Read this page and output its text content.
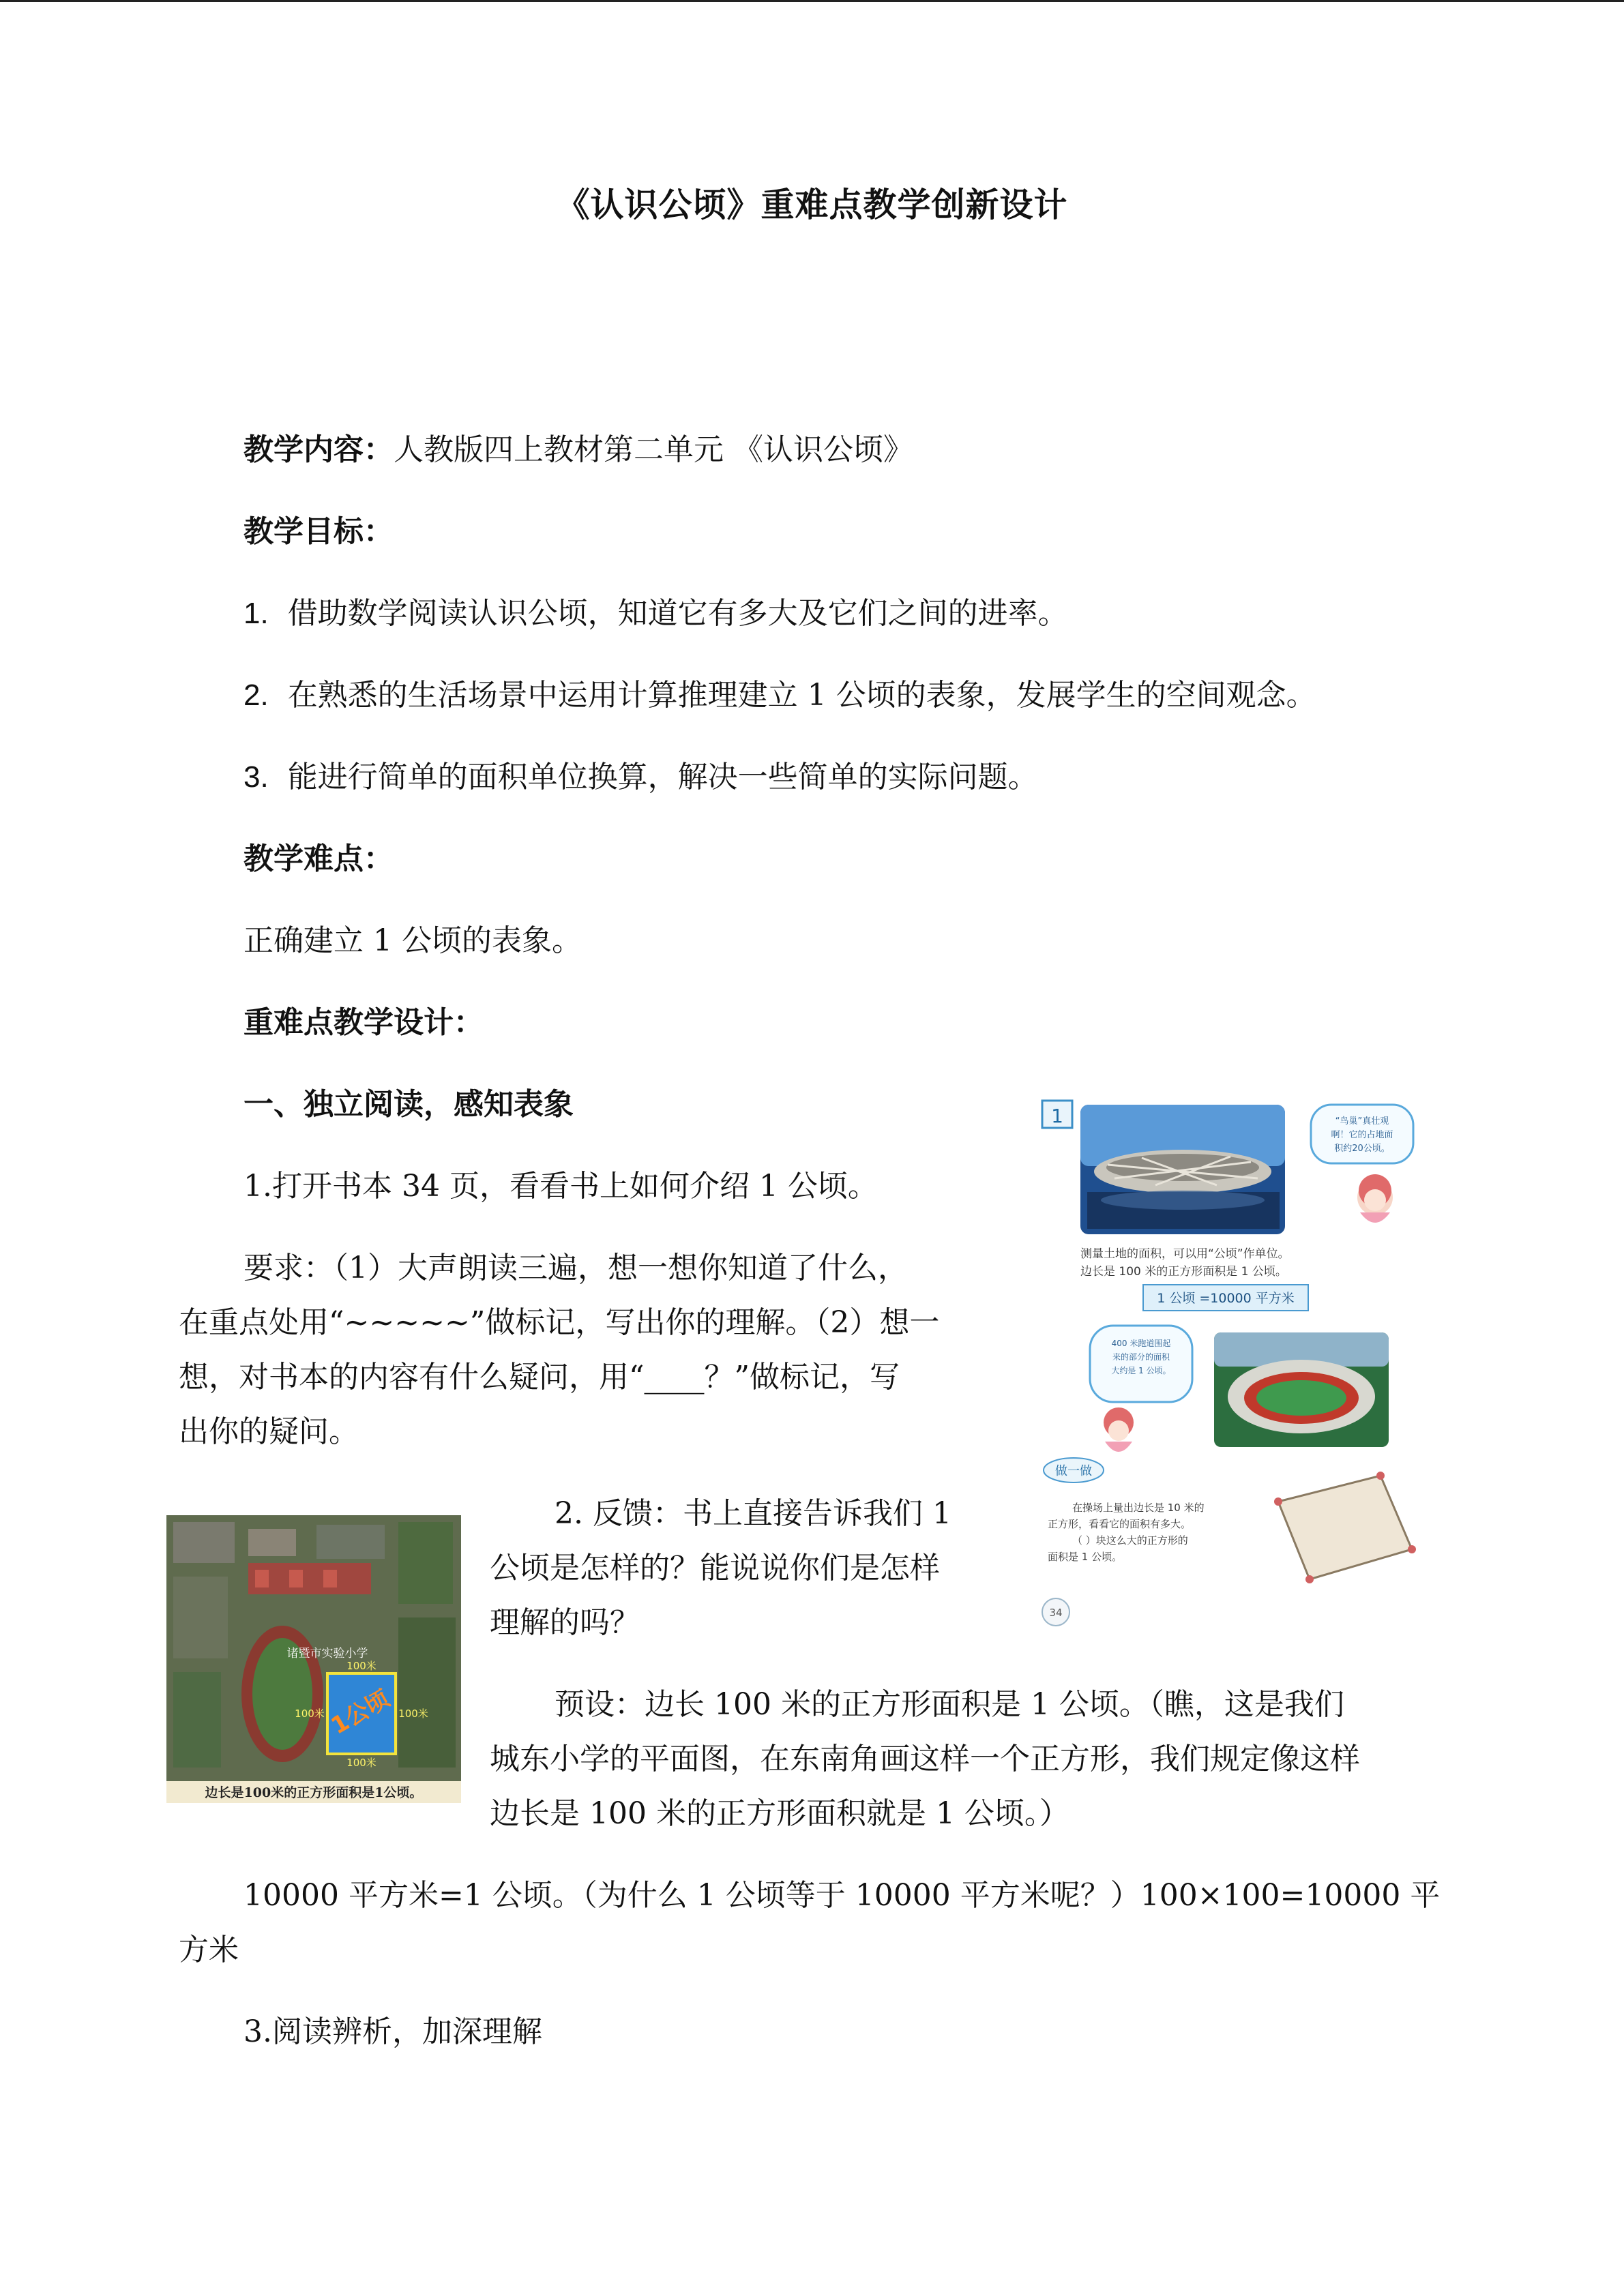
《认识公顷》重难点教学创新设计
教学内容：人教版四上教材第二单元 《认识公顷》
教学目标：
1. 借助数学阅读认识公顷，知道它有多大及它们之间的进率。
2. 在熟悉的生活场景中运用计算推理建立 1 公顷的表象，发展学生的空间观念。
3. 能进行简单的面积单位换算，解决一些简单的实际问题。
教学难点：
正确建立 1 公顷的表象。
重难点教学设计：
一、独立阅读，感知表象
1.打开书本 34 页，看看书上如何介绍 1 公顷。
要求：（1）大声朗读三遍，想一想你知道了什么，
在重点处用“~~~~~”做标记，写出你的理解。（2）想一
想，对书本的内容有什么疑问，用“____？”做标记，写
出你的疑问。
2. 反馈：书上直接告诉我们 1
公顷是怎样的？能说说你们是怎样
理解的吗？
预设：边长 100 米的正方形面积是 1 公顷。（瞧，这是我们
城东小学的平面图，在东南角画这样一个正方形，我们规定像这样
边长是 100 米的正方形面积就是 1 公顷。）
10000 平方米=1 公顷。（为什么 1 公顷等于 10000 平方米呢？）100×100=10000 平
方米
3.阅读辨析，加深理解
1	“鸟巢”真壮观
啊！它的占地面
积约20公顷。
测量土地的面积，可以用“公顷”作单位。
边长是 100 米的正方形面积是 1 公顷。
1 公顷 =10000 平方米
400 米跑道围起
来的部分的面积
大约是 1 公顷。
做一做
在操场上量出边长是 10 米的
正方形，看看它的面积有多大。
（ ）块这么大的正方形的
面积是 1 公顷。
34
诸暨市实验小学
1公顷
100米
100米	100米
100米
边长是100米的正方形面积是1公顷。
